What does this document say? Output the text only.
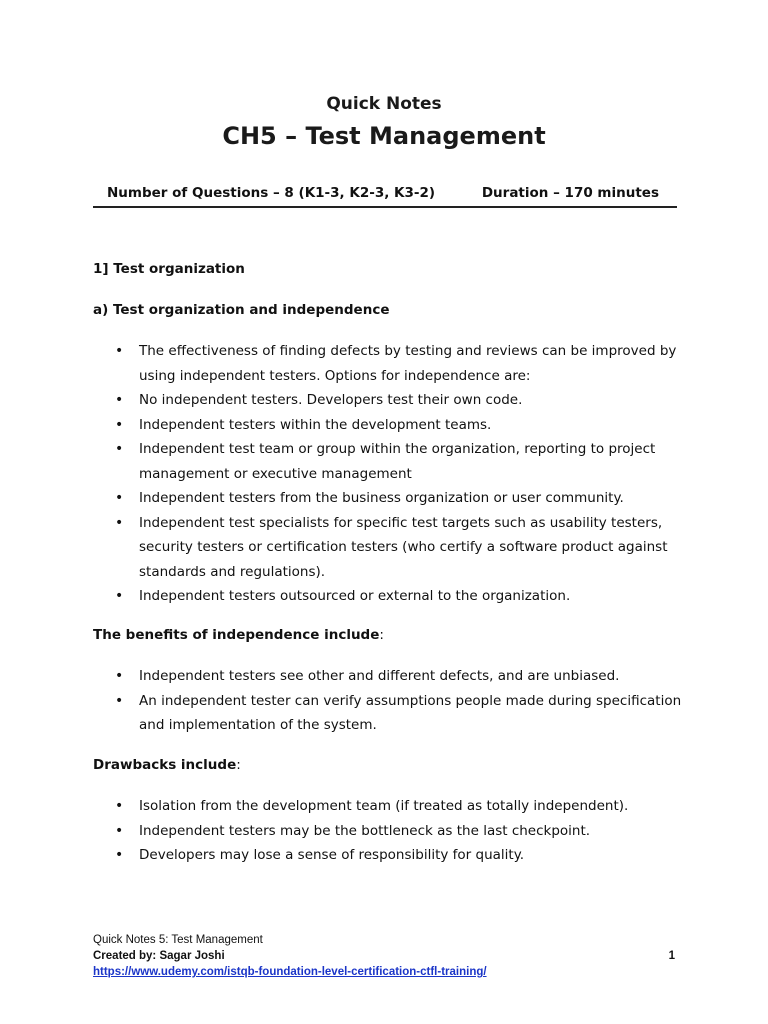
Quick Notes
CH5 – Test Management
Number of Questions – 8 (K1-3, K2-3, K3-2)	Duration – 170 minutes
1] Test organization
a) Test organization and independence
• The effectiveness of finding defects by testing and reviews can be improved by using independent testers. Options for independence are:
• No independent testers. Developers test their own code.
• Independent testers within the development teams.
• Independent test team or group within the organization, reporting to project management or executive management
• Independent testers from the business organization or user community.
• Independent test specialists for specific test targets such as usability testers, security testers or certification testers (who certify a software product against standards and regulations).
• Independent testers outsourced or external to the organization.
The benefits of independence include:
• Independent testers see other and different defects, and are unbiased.
• An independent tester can verify assumptions people made during specification and implementation of the system.
Drawbacks include:
• Isolation from the development team (if treated as totally independent).
• Independent testers may be the bottleneck as the last checkpoint.
• Developers may lose a sense of responsibility for quality.
Quick Notes 5: Test Management
Created by: Sagar Joshi
https://www.udemy.com/istqb-foundation-level-certification-ctfl-training/
1
